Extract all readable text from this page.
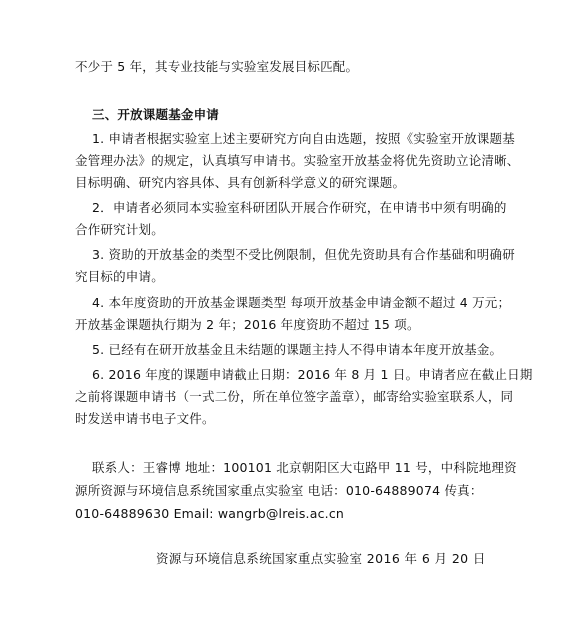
不少于 5 年，其专业技能与实验室发展目标匹配。
三、开放课题基金申请
1. 申请者根据实验室上述主要研究方向自由选题，按照《实验室开放课题基
金管理办法》的规定，认真填写申请书。实验室开放基金将优先资助立论清晰、
目标明确、研究内容具体、具有创新科学意义的研究课题。
2．申请者必须同本实验室科研团队开展合作研究，在申请书中须有明确的
合作研究计划。
3. 资助的开放基金的类型不受比例限制，但优先资助具有合作基础和明确研
究目标的申请。
4. 本年度资助的开放基金课题类型 每项开放基金申请金额不超过 4 万元；
开放基金课题执行期为 2 年；2016 年度资助不超过 15 项。
5. 已经有在研开放基金且未结题的课题主持人不得申请本年度开放基金。
6. 2016 年度的课题申请截止日期：2016 年 8 月 1 日。申请者应在截止日期
之前将课题申请书（一式二份，所在单位签字盖章），邮寄给实验室联系人，同
时发送申请书电子文件。
联系人：王睿博 地址：100101 北京朝阳区大屯路甲 11 号，中科院地理资
源所资源与环境信息系统国家重点实验室 电话：010-64889074 传真：
010-64889630 Email: wangrb@lreis.ac.cn
资源与环境信息系统国家重点实验室 2016 年 6 月 20 日
